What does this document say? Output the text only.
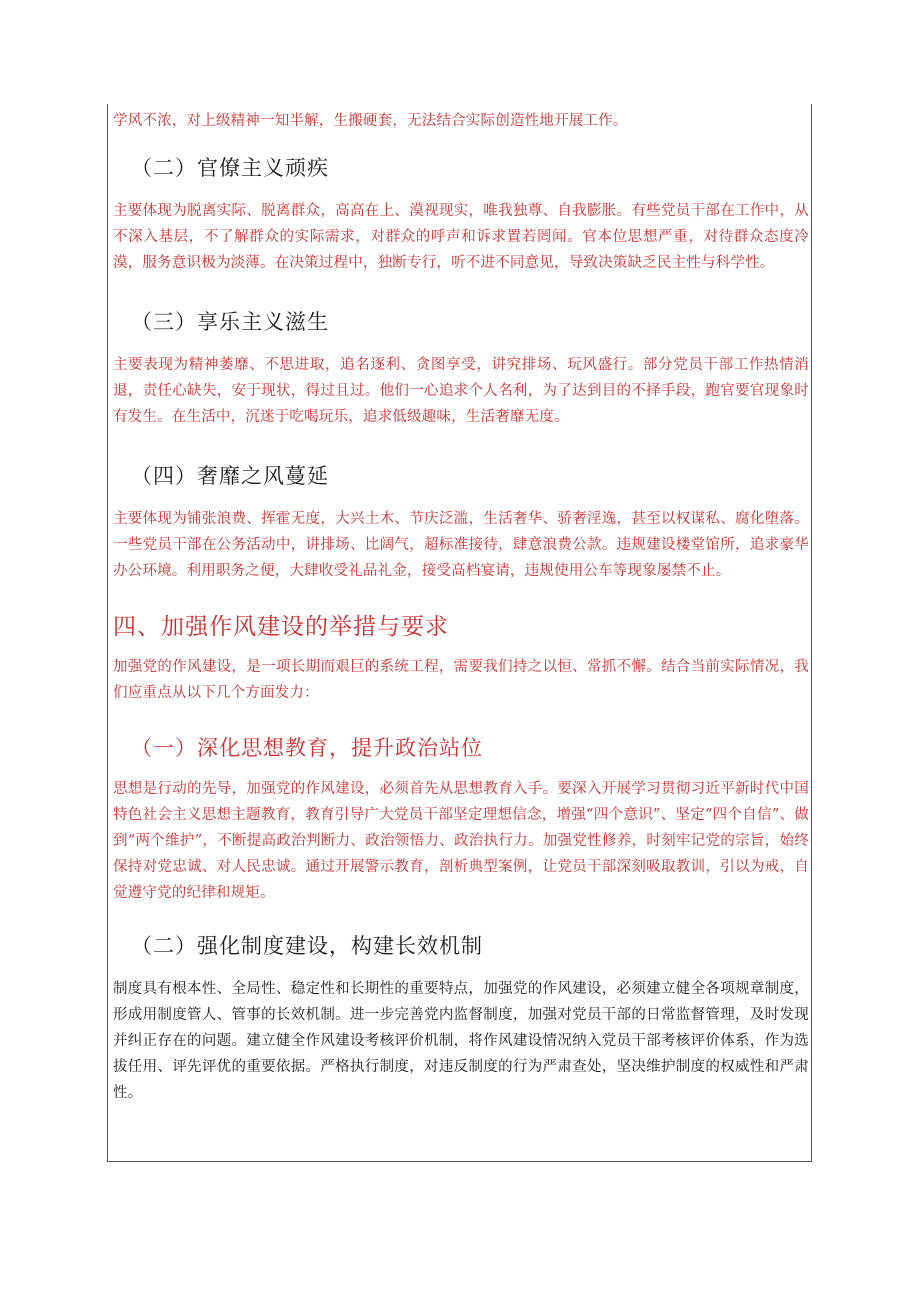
学风不浓，对上级精神一知半解，生搬硬套，无法结合实际创造性地开展工作。

（二）官僚主义顽疾

主要体现为脱离实际、脱离群众，高高在上、漠视现实，唯我独尊、自我膨胀。有些党员干部在工作中，从不深入基层，不了解群众的实际需求，对群众的呼声和诉求置若罔闻。官本位思想严重，对待群众态度冷漠，服务意识极为淡薄。在决策过程中，独断专行，听不进不同意见，导致决策缺乏民主性与科学性。

（三）享乐主义滋生

主要表现为精神萎靡、不思进取，追名逐利、贪图享受，讲究排场、玩风盛行。部分党员干部工作热情消退，责任心缺失，安于现状，得过且过。他们一心追求个人名利，为了达到目的不择手段，跑官要官现象时有发生。在生活中，沉迷于吃喝玩乐，追求低级趣味，生活奢靡无度。

（四）奢靡之风蔓延

主要体现为铺张浪费、挥霍无度，大兴土木、节庆泛滥，生活奢华、骄奢淫逸，甚至以权谋私、腐化堕落。一些党员干部在公务活动中，讲排场、比阔气，超标准接待，肆意浪费公款。违规建设楼堂馆所，追求豪华办公环境。利用职务之便，大肆收受礼品礼金，接受高档宴请，违规使用公车等现象屡禁不止。

四、加强作风建设的举措与要求

加强党的作风建设，是一项长期而艰巨的系统工程，需要我们持之以恒、常抓不懈。结合当前实际情况，我们应重点从以下几个方面发力：

（一）深化思想教育，提升政治站位

思想是行动的先导，加强党的作风建设，必须首先从思想教育入手。要深入开展学习贯彻习近平新时代中国特色社会主义思想主题教育，教育引导广大党员干部坚定理想信念，增强“四个意识”、坚定“四个自信”、做到“两个维护”，不断提高政治判断力、政治领悟力、政治执行力。加强党性修养，时刻牢记党的宗旨，始终保持对党忠诚、对人民忠诚。通过开展警示教育，剖析典型案例，让党员干部深刻吸取教训，引以为戒，自觉遵守党的纪律和规矩。

（二）强化制度建设，构建长效机制

制度具有根本性、全局性、稳定性和长期性的重要特点，加强党的作风建设，必须建立健全各项规章制度，形成用制度管人、管事的长效机制。进一步完善党内监督制度，加强对党员干部的日常监督管理，及时发现并纠正存在的问题。建立健全作风建设考核评价机制，将作风建设情况纳入党员干部考核评价体系，作为选拔任用、评先评优的重要依据。严格执行制度，对违反制度的行为严肃查处，坚决维护制度的权威性和严肃性。
